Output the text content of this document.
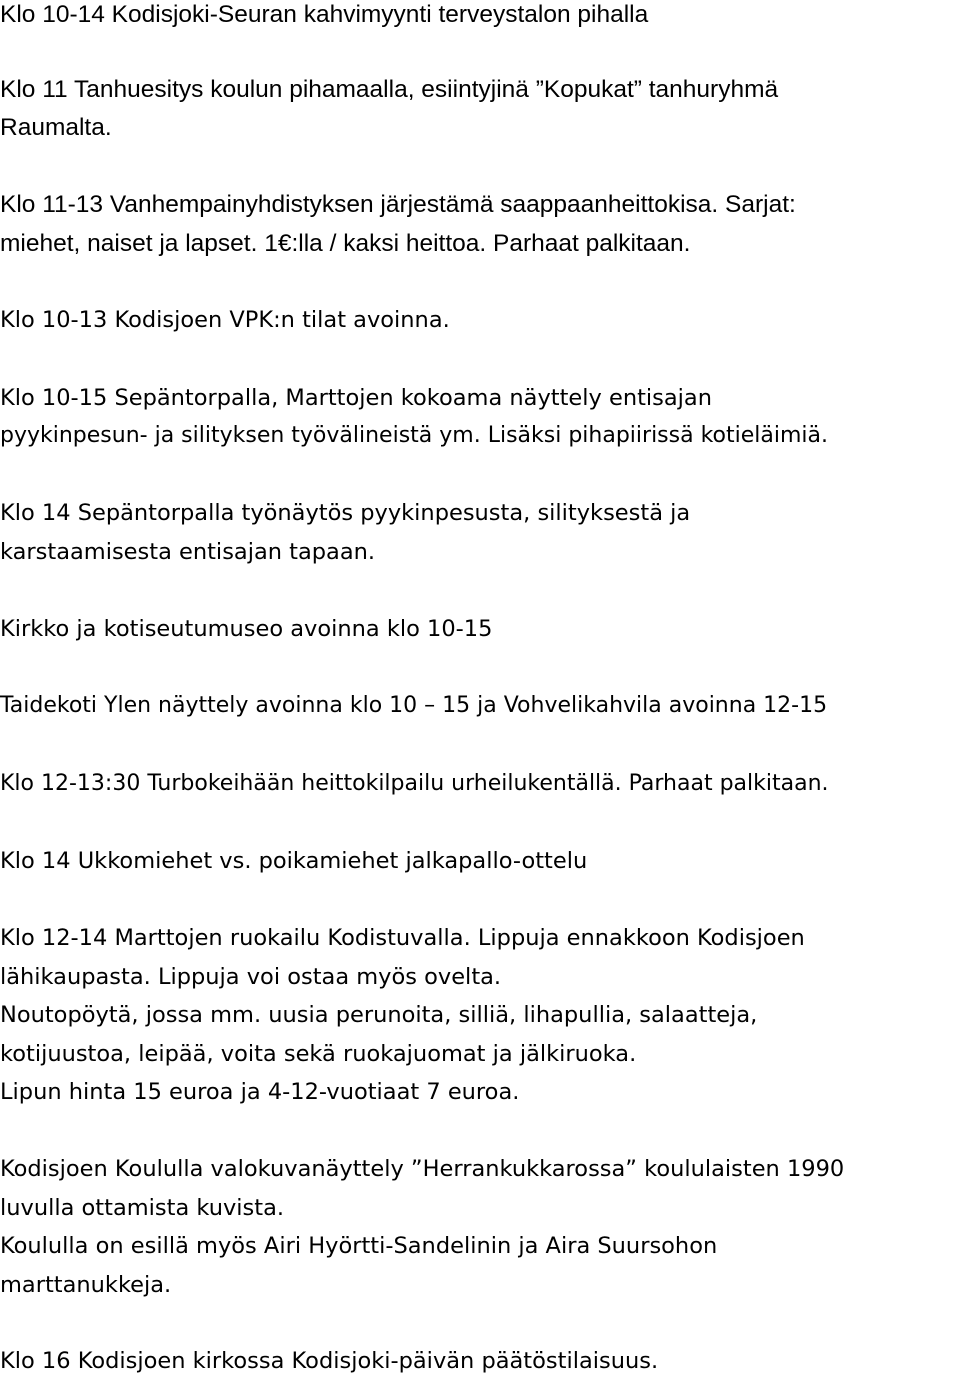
Klo 10-14 Kodisjoki-Seuran kahvimyynti terveystalon pihalla
Klo 11 Tanhuesitys koulun pihamaalla, esiintyjinä ”Kopukat” tanhuryhmä
Raumalta.
Klo 11-13 Vanhempainyhdistyksen järjestämä saappaanheittokisa. Sarjat:
miehet, naiset ja lapset. 1€:lla / kaksi heittoa. Parhaat palkitaan.
Klo 10-13 Kodisjoen VPK:n tilat avoinna.
Klo 10-15 Sepäntorpalla, Marttojen kokoama näyttely entisajan
pyykinpesun- ja silityksen työvälineistä ym. Lisäksi pihapiirissä kotieläimiä.
Klo 14 Sepäntorpalla työnäytös pyykinpesusta, silityksestä ja
karstaamisesta entisajan tapaan.
Kirkko ja kotiseutumuseo avoinna klo 10-15
Taidekoti Ylen näyttely avoinna klo 10 – 15 ja Vohvelikahvila avoinna 12-15
Klo 12-13:30 Turbokeihään heittokilpailu urheilukentällä. Parhaat palkitaan.
Klo 14 Ukkomiehet vs. poikamiehet jalkapallo-ottelu
Klo 12-14 Marttojen ruokailu Kodistuvalla. Lippuja ennakkoon Kodisjoen
lähikaupasta. Lippuja voi ostaa myös ovelta.
Noutopöytä, jossa mm. uusia perunoita, silliä, lihapullia, salaatteja,
kotijuustoa, leipää, voita sekä ruokajuomat ja jälkiruoka.
Lipun hinta 15 euroa ja 4-12-vuotiaat 7 euroa.
Kodisjoen Koululla valokuvanäyttely ”Herrankukkarossa” koululaisten 1990
luvulla ottamista kuvista.
Koululla on esillä myös Airi Hyörtti-Sandelinin ja Aira Suursohon
marttanukkeja.
Klo 16 Kodisjoen kirkossa Kodisjoki-päivän päätöstilaisuus.
